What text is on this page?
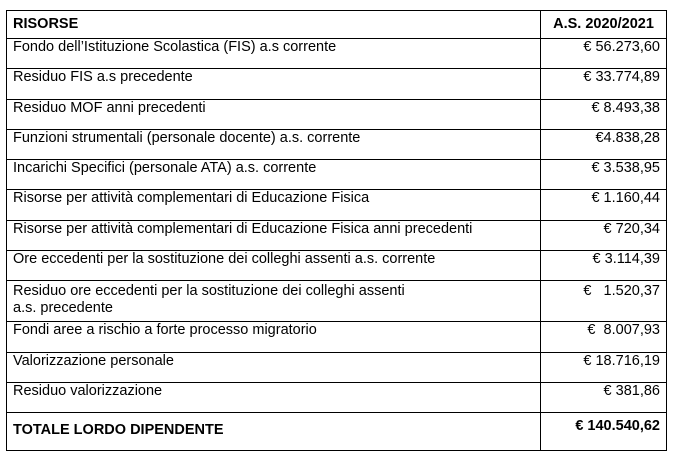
RISORSE	A.S. 2020/2021
Fondo dell’Istituzione Scolastica (FIS) a.s corrente	€ 56.273,60
Residuo FIS a.s precedente	€ 33.774,89
Residuo MOF anni precedenti	€ 8.493,38
Funzioni strumentali (personale docente) a.s. corrente	€4.838,28
Incarichi Specifici (personale ATA) a.s. corrente	€ 3.538,95
Risorse per attività complementari di Educazione Fisica	€ 1.160,44
Risorse per attività complementari di Educazione Fisica anni precedenti	€ 720,34
Ore eccedenti per la sostituzione dei colleghi assenti a.s. corrente	€ 3.114,39
Residuo ore eccedenti per la sostituzione dei colleghi assenti
a.s. precedente	€   1.520,37
Fondi aree a rischio a forte processo migratorio	€  8.007,93
Valorizzazione personale	€ 18.716,19
Residuo valorizzazione	€ 381,86
TOTALE LORDO DIPENDENTE	€ 140.540,62
